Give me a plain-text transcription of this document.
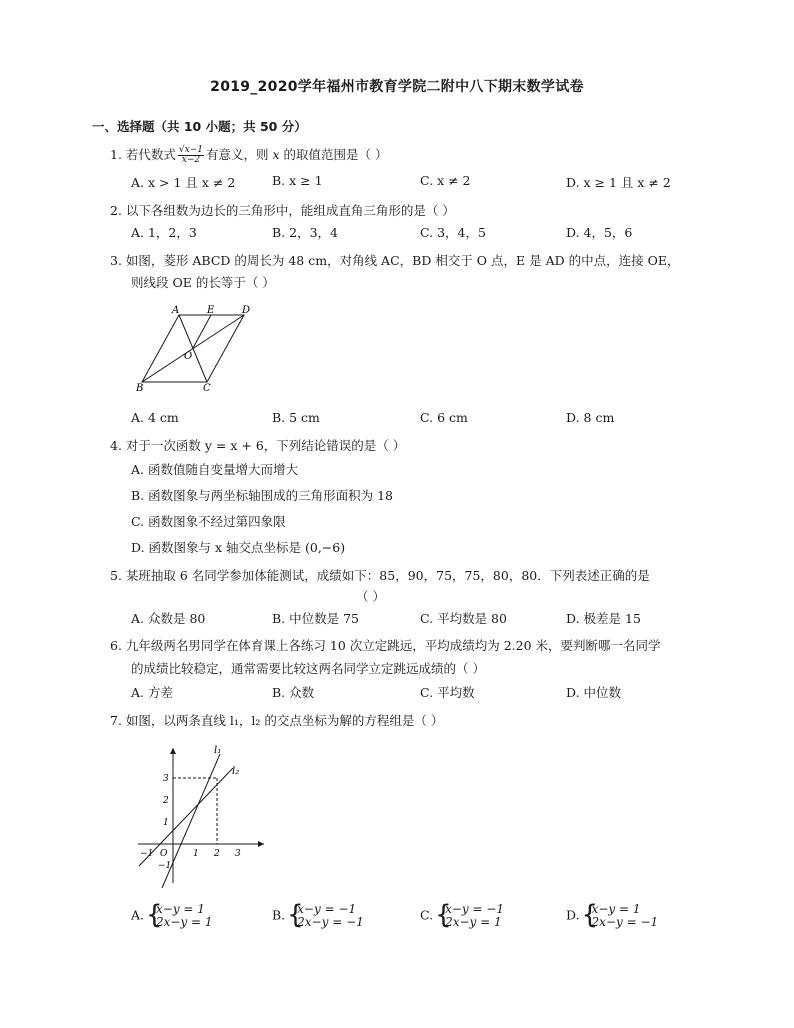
2019_2020学年福州市教育学院二附中八下期末数学试卷
一、选择题（共 10 小题；共 50 分）
1. 若代数式 $\frac{√x-1}{x-2}$ 有意义，则 x 的取值范围是（ ）
A. x > 1 且 x ≠ 2	B. x ≥ 1	C. x ≠ 2	D. x ≥ 1 且 x ≠ 2
2. 以下各组数为边长的三角形中，能组成直角三角形的是（ ）
A. 1，2，3	B. 2，3，4	C. 3，4，5	D. 4，5，6
3. 如图，菱形 ABCD 的周长为 48 cm，对角线 AC，BD 相交于 O 点，E 是 AD 的中点，连接 OE，
则线段 OE 的长等于（ ）
A	E	D
O
B	C
A. 4 cm	B. 5 cm	C. 6 cm	D. 8 cm
4. 对于一次函数 y = x + 6，下列结论错误的是（ ）
A. 函数值随自变量增大而增大
B. 函数图象与两坐标轴围成的三角形面积为 18
C. 函数图象不经过第四象限
D. 函数图象与 x 轴交点坐标是 (0,−6)
5. 某班抽取 6 名同学参加体能测试，成绩如下：85，90，75，75，80，80．下列表述正确的是
（ ）
A. 众数是 80	B. 中位数是 75	C. 平均数是 80	D. 极差是 15
6. 九年级两名男同学在体育课上各练习 10 次立定跳远，平均成绩均为 2.20 米，要判断哪一名同学
的成绩比较稳定，通常需要比较这两名同学立定跳远成绩的（ ）
A. 方差	B. 众数	C. 平均数	D. 中位数
7. 如图，以两条直线 l₁，l₂ 的交点坐标为解的方程组是（ ）
l₁
l₂
O
−1	1 2 3
1
2
3
−1
A. { x−y = 1
2x−y = 1	B. { x−y = −1
2x−y = −1	C. { x−y = −1
2x−y = 1	D. { x−y = 1
2x−y = −1
